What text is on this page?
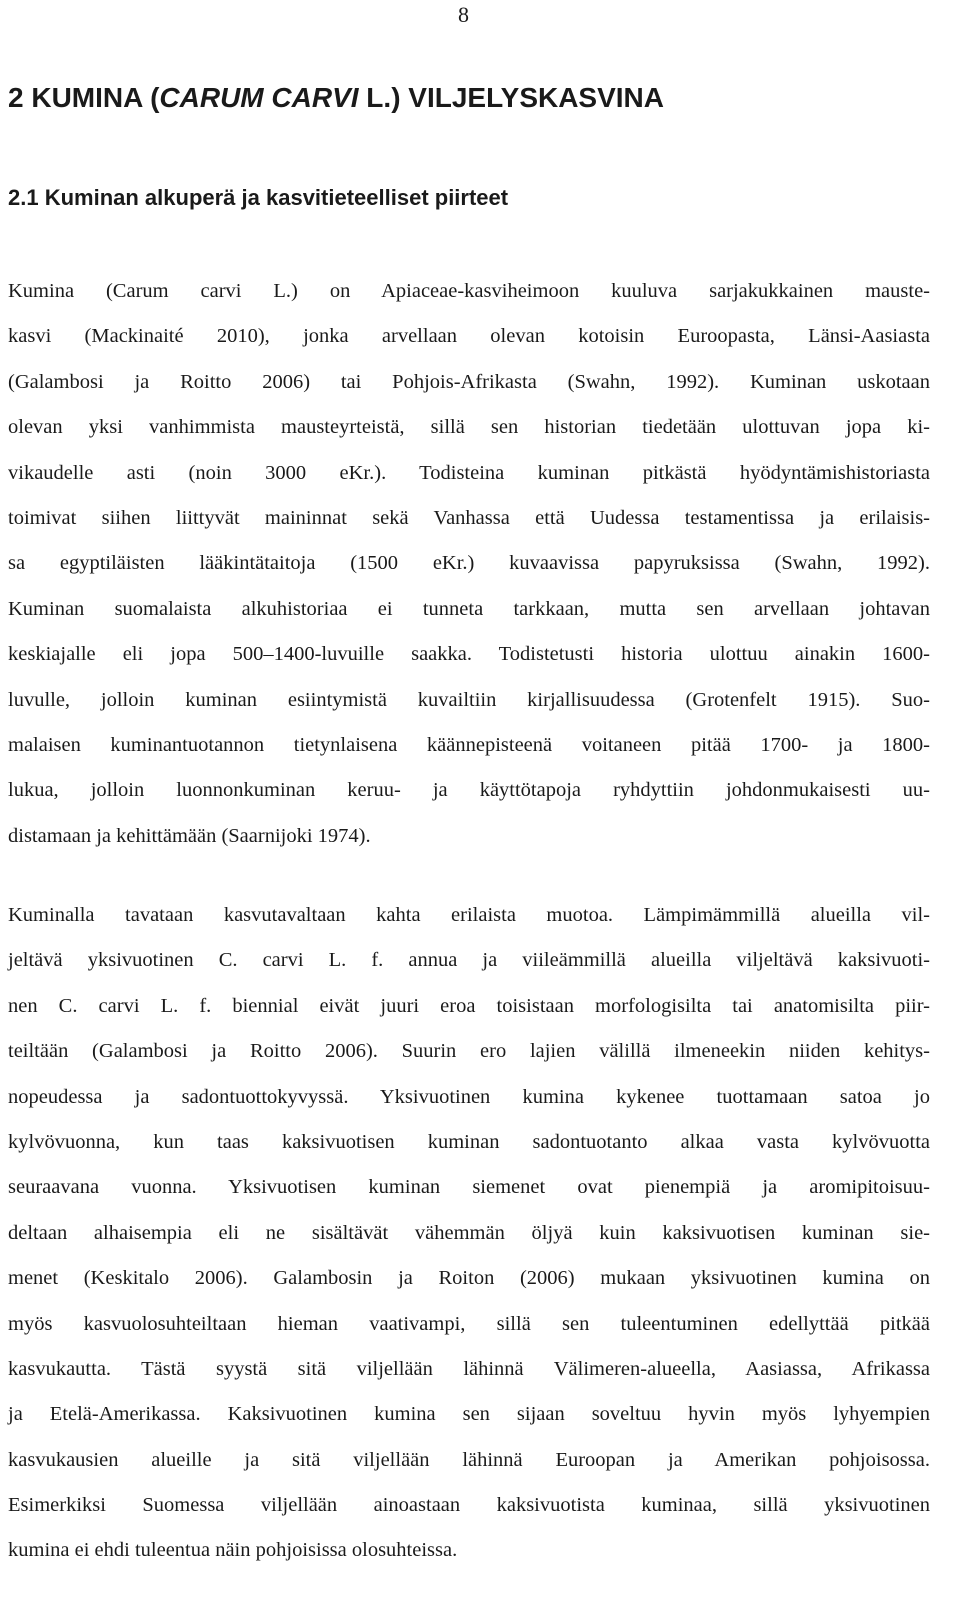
8
2 KUMINA (CARUM CARVI L.) VILJELYSKASVINA
2.1 Kuminan alkuperä ja kasvitieteelliset piirteet
Kumina (Carum carvi L.) on Apiaceae-kasviheimoon kuuluva sarjakukkainen mauste-
kasvi (Mackinaité 2010), jonka arvellaan olevan kotoisin Euroopasta, Länsi-Aasiasta
(Galambosi ja Roitto 2006) tai Pohjois-Afrikasta (Swahn, 1992). Kuminan uskotaan
olevan yksi vanhimmista mausteyrteistä, sillä sen historian tiedetään ulottuvan jopa ki-
vikaudelle asti (noin 3000 eKr.). Todisteina kuminan pitkästä hyödyntämishistoriasta
toimivat siihen liittyvät maininnat sekä Vanhassa että Uudessa testamentissa ja erilaisis-
sa egyptiläisten lääkintätaitoja (1500 eKr.) kuvaavissa papyruksissa (Swahn, 1992).
Kuminan suomalaista alkuhistoriaa ei tunneta tarkkaan, mutta sen arvellaan johtavan
keskiajalle eli jopa 500–1400-luvuille saakka. Todistetusti historia ulottuu ainakin 1600-
luvulle, jolloin kuminan esiintymistä kuvailtiin kirjallisuudessa (Grotenfelt 1915). Suo-
malaisen kuminantuotannon tietynlaisena käännepisteenä voitaneen pitää 1700- ja 1800-
lukua, jolloin luonnonkuminan keruu- ja käyttötapoja ryhdyttiin johdonmukaisesti uu-
distamaan ja kehittämään (Saarnijoki 1974).
Kuminalla tavataan kasvutavaltaan kahta erilaista muotoa. Lämpimämmillä alueilla vil-
jeltävä yksivuotinen C. carvi L. f. annua ja viileämmillä alueilla viljeltävä kaksivuoti-
nen C. carvi L. f. biennial eivät juuri eroa toisistaan morfologisilta tai anatomisilta piir-
teiltään (Galambosi ja Roitto 2006). Suurin ero lajien välillä ilmeneekin niiden kehitys-
nopeudessa ja sadontuottokyvyssä. Yksivuotinen kumina kykenee tuottamaan satoa jo
kylvövuonna, kun taas kaksivuotisen kuminan sadontuotanto alkaa vasta kylvövuotta
seuraavana vuonna. Yksivuotisen kuminan siemenet ovat pienempiä ja aromipitoisuu-
deltaan alhaisempia eli ne sisältävät vähemmän öljyä kuin kaksivuotisen kuminan sie-
menet (Keskitalo 2006). Galambosin ja Roiton (2006) mukaan yksivuotinen kumina on
myös kasvuolosuhteiltaan hieman vaativampi, sillä sen tuleentuminen edellyttää pitkää
kasvukautta. Tästä syystä sitä viljellään lähinnä Välimeren-alueella, Aasiassa, Afrikassa
ja Etelä-Amerikassa. Kaksivuotinen kumina sen sijaan soveltuu hyvin myös lyhyempien
kasvukausien alueille ja sitä viljellään lähinnä Euroopan ja Amerikan pohjoisossa.
Esimerkiksi Suomessa viljellään ainoastaan kaksivuotista kuminaa, sillä yksivuotinen
kumina ei ehdi tuleentua näin pohjoisissa olosuhteissa.
